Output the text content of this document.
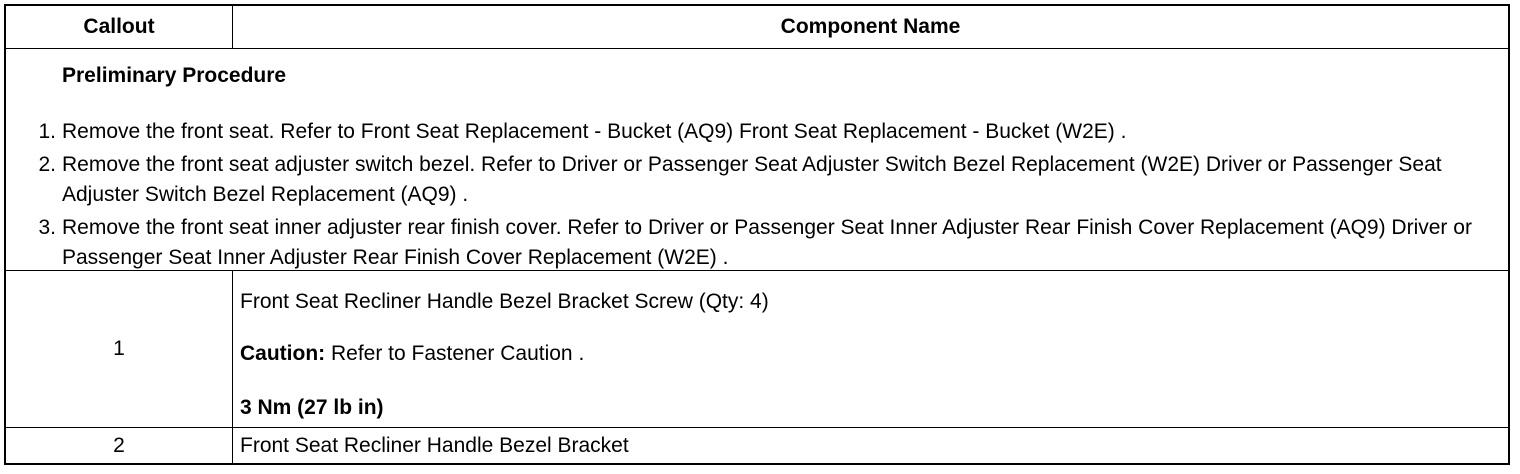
Callout	Component Name
Preliminary Procedure
1. Remove the front seat. Refer to Front Seat Replacement - Bucket (AQ9) Front Seat Replacement - Bucket (W2E) .
2. Remove the front seat adjuster switch bezel. Refer to Driver or Passenger Seat Adjuster Switch Bezel Replacement (W2E) Driver or Passenger Seat Adjuster Switch Bezel Replacement (AQ9) .
3. Remove the front seat inner adjuster rear finish cover. Refer to Driver or Passenger Seat Inner Adjuster Rear Finish Cover Replacement (AQ9) Driver or Passenger Seat Inner Adjuster Rear Finish Cover Replacement (W2E) .
1
Front Seat Recliner Handle Bezel Bracket Screw (Qty: 4)
Caution: Refer to Fastener Caution .
3 Nm (27 lb in)
2	Front Seat Recliner Handle Bezel Bracket
